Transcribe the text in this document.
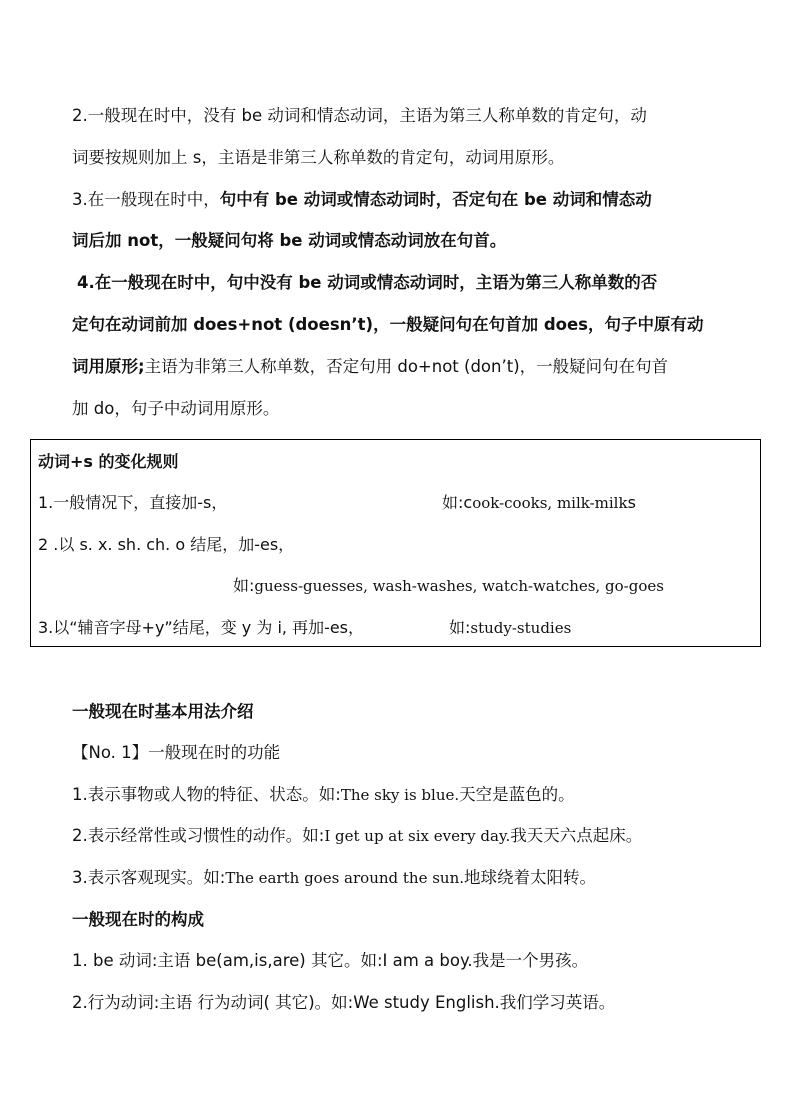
2.一般现在时中，没有 be 动词和情态动词，主语为第三人称单数的肯定句，动
词要按规则加上 s，主语是非第三人称单数的肯定句，动词用原形。
3.在一般现在时中，句中有 be 动词或情态动词时，否定句在 be 动词和情态动
词后加 not，一般疑问句将 be 动词或情态动词放在句首。
4.在一般现在时中，句中没有 be 动词或情态动词时，主语为第三人称单数的否
定句在动词前加 does+not (doesn’t)，一般疑问句在句首加 does，句子中原有动
词用原形;主语为非第三人称单数，否定句用 do+not (don’t)，一般疑问句在句首
加 do，句子中动词用原形。
动词+s 的变化规则
1.一般情况下，直接加-s，	如:cook-cooks, milk-milks
2 .以 s. x. sh. ch. o 结尾，加-es，
如:guess-guesses, wash-washes, watch-watches, go-goes
3.以“辅音字母+y”结尾，变 y 为 i, 再加-es，	如:study-studies
一般现在时基本用法介绍
【No. 1】一般现在时的功能
1.表示事物或人物的特征、状态。如:The sky is blue.天空是蓝色的。
2.表示经常性或习惯性的动作。如:I get up at six every day.我天天六点起床。
3.表示客观现实。如:The earth goes around the sun.地球绕着太阳转。
一般现在时的构成
1. be 动词:主语 be(am,is,are) 其它。如:I am a boy.我是一个男孩。
2.行为动词:主语 行为动词( 其它)。如:We study English.我们学习英语。
